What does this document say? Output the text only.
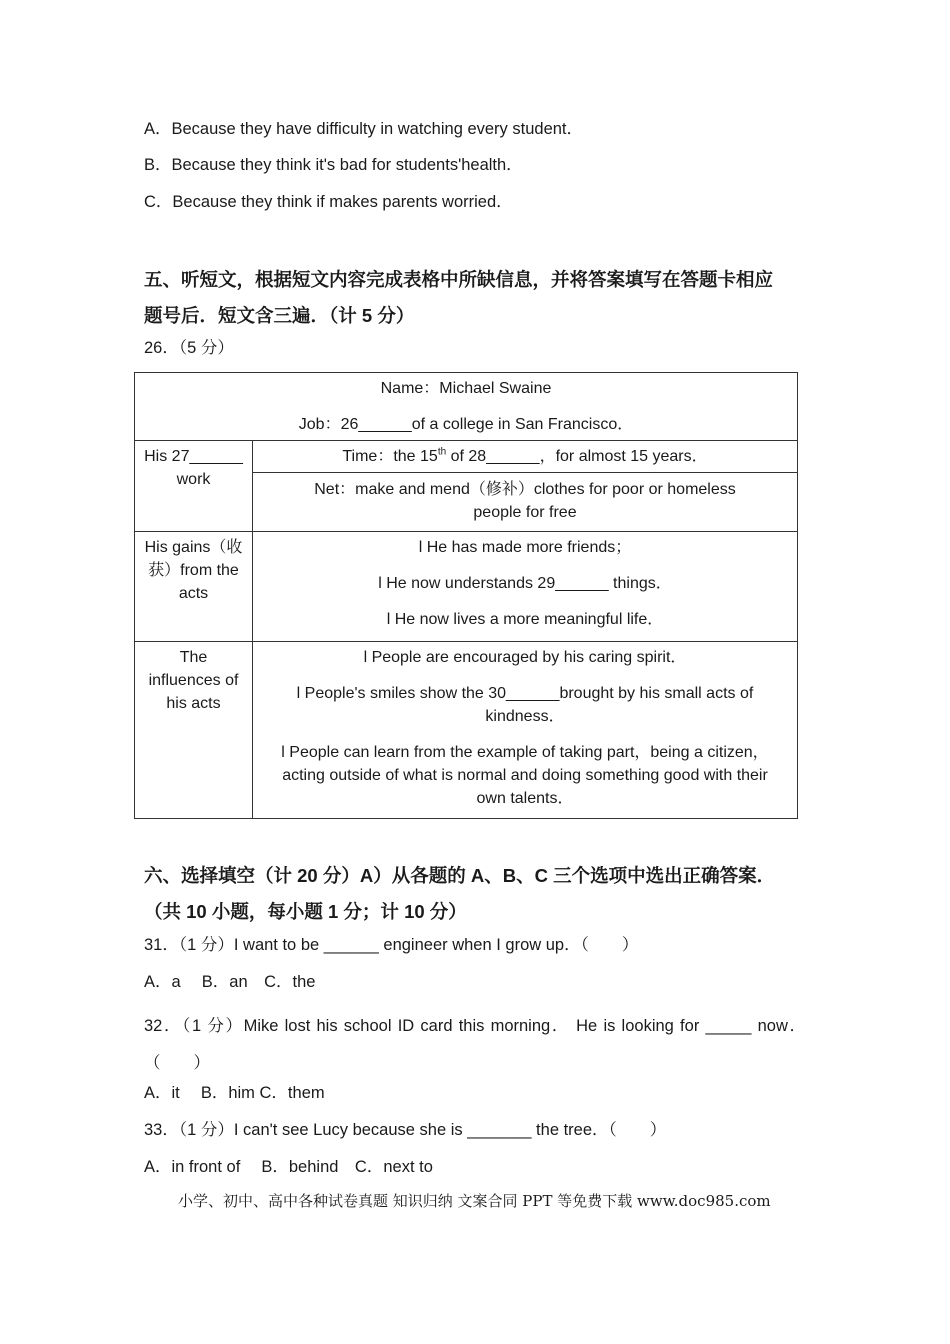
A．Because they have difficulty in watching every student．
B．Because they think it's bad for students'health．
C．Because they think if makes parents worried．
五、听短文，根据短文内容完成表格中所缺信息，并将答案填写在答题卡相应
题号后．短文含三遍．（计 5 分）
26．（5 分）

Name：Michael Swaine

Job：26______of a college in San Francisco．	

His 27______ work	Time：the 15th of 28______，for almost 15 years．
	Net：make and mend（修补）clothes for poor or homeless people for free
His gains（收获）from the acts	l He has made more friends；

l He now understands 29______ things．

l He now lives a more meaningful life．

The influences of his acts	l People are encouraged by his caring spirit．

l People's smiles show the 30______brought by his small acts of kindness．

l People can learn from the example of taking part，being a citizen，acting outside of what is normal and doing something good with their own talents．

六、选择填空（计 20 分）A）从各题的 A、B、C 三个选项中选出正确答案．
（共 10 小题，每小题 1 分；计 10 分）
31．（1 分）I want to be ______ engineer when I grow up．（　　）
A．a　 B．an　C．the
32．（1 分）Mike lost his school ID card this morning． He is looking for _____ now．（　　）
A．it　 B．him C．them
33．（1 分）I can't see Lucy because she is _______ the tree．（　　）
A．in front of　 B．behind　C．next to
小学、初中、高中各种试卷真题 知识归纳 文案合同 PPT 等免费下载 www.doc985.com
